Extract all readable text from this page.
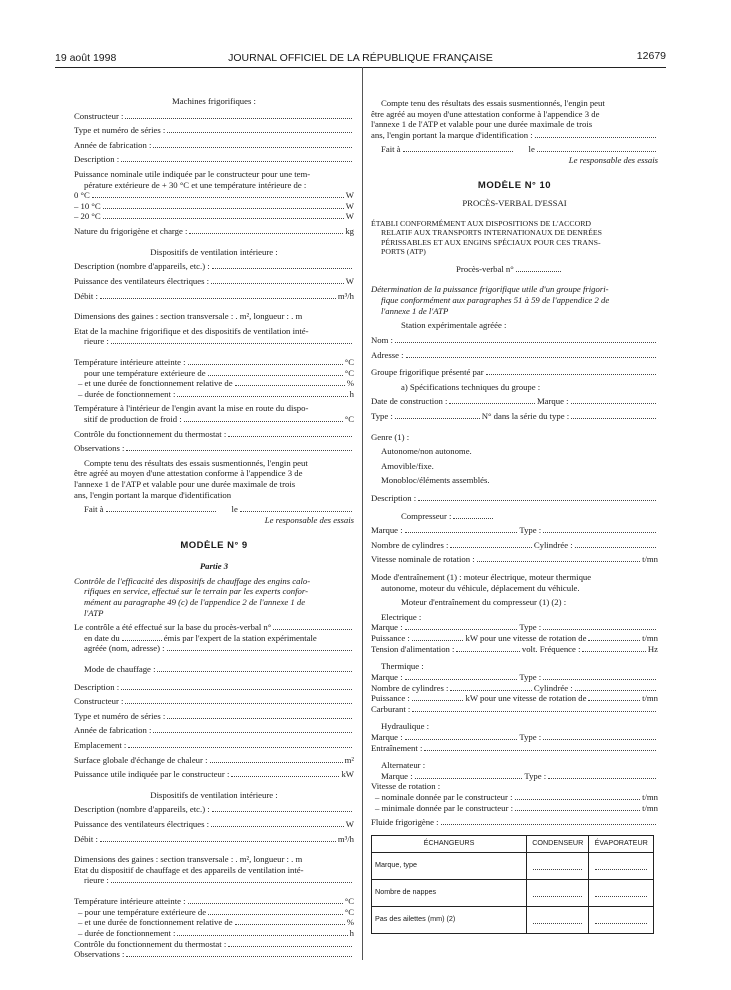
19 août 1998	JOURNAL OFFICIEL DE LA RÉPUBLIQUE FRANÇAISE	12679
Machines frigorifiques :
Constructeur :
Type et numéro de séries :
Année de fabrication :
Description :
Puissance nominale utile indiquée par le constructeur pour une tem-
pérature extérieure de + 30 °C et une température intérieure de :
0 °C	W
– 10 °C	W
– 20 °C	W
Nature du frigorigène et charge :	kg
Dispositifs de ventilation intérieure :
Description (nombre d'appareils, etc.) :
Puissance des ventilateurs électriques :	W
Débit :	m³/h
Dimensions des gaines : section transversale : . m², longueur : . m
Etat de la machine frigorifique et des dispositifs de ventilation inté-
rieure :
Température intérieure atteinte :	°C
pour une température extérieure de	°C
– et une durée de fonctionnement relative de	%
– durée de fonctionnement :	h
Température à l'intérieur de l'engin avant la mise en route du dispo-
sitif de production de froid :	°C
Contrôle du fonctionnement du thermostat :
Observations :
Compte tenu des résultats des essais susmentionnés, l'engin peut
être agréé au moyen d'une attestation conforme à l'appendice 3 de
l'annexe 1 de l'ATP et valable pour une durée maximale de trois
ans, l'engin portant la marque d'identification
Fait à	le
Le responsable des essais
MODÈLE N° 9
Partie 3
Contrôle de l'efficacité des dispositifs de chauffage des engins calo-
rifiques en service, effectué sur le terrain par les experts confor-
mément au paragraphe 49 (c) de l'appendice 2 de l'annexe 1 de
l'ATP
Le contrôle a été effectué sur la base du procès-verbal n°
en date du	émis par l'expert de la station expérimentale
agréée (nom, adresse) :
Mode de chauffage :
Description :
Constructeur :
Type et numéro de séries :
Année de fabrication :
Emplacement :
Surface globale d'échange de chaleur :	m²
Puissance utile indiquée par le constructeur :	kW
Dispositifs de ventilation intérieure :
Description (nombre d'appareils, etc.) :
Puissance des ventilateurs électriques :	W
Débit :	m³/h
Dimensions des gaines : section transversale : . m², longueur : . m
Etat du dispositif de chauffage et des appareils de ventilation inté-
rieure :
Température intérieure atteinte :	°C
– pour une température extérieure de	°C
– et une durée de fonctionnement relative de	%
– durée de fonctionnement :	h
Contrôle du fonctionnement du thermostat :
Observations :
Compte tenu des résultats des essais susmentionnés, l'engin peut
être agréé au moyen d'une attestation conforme à l'appendice 3 de
l'annexe 1 de l'ATP et valable pour une durée maximale de trois
ans, l'engin portant la marque d'identification :
Fait à	le
Le responsable des essais
MODÈLE N° 10
PROCÈS-VERBAL D'ESSAI
ÉTABLI CONFORMÉMENT AUX DISPOSITIONS DE L'ACCORD
RELATIF AUX TRANSPORTS INTERNATIONAUX DE DENRÉES
PÉRISSABLES ET AUX ENGINS SPÉCIAUX POUR CES TRANS-
PORTS (ATP)
Procès-verbal n°
Détermination de la puissance frigorifique utile d'un groupe frigori-
fique conformément aux paragraphes 51 à 59 de l'appendice 2 de
l'annexe 1 de l'ATP
Station expérimentale agréée :
Nom :
Adresse :
Groupe frigorifique présenté par
a) Spécifications techniques du groupe :
Date de construction :	Marque :
Type :	N° dans la série du type :
Genre (1) :
Autonome/non autonome.
Amovible/fixe.
Monobloc/éléments assemblés.
Description :
Compresseur :
Marque :	Type :
Nombre de cylindres :	Cylindrée :
Vitesse nominale de rotation :	t/mn
Mode d'entraînement (1) : moteur électrique, moteur thermique
autonome, moteur du véhicule, déplacement du véhicule.
Moteur d'entraînement du compresseur (1) (2) :
Electrique :
Marque :	Type :
Puissance :	kW pour une vitesse de rotation de	t/mn
Tension d'alimentation :	volt. Fréquence :	Hz
Thermique :
Marque :	Type :
Nombre de cylindres :	Cylindrée :
Puissance :	kW pour une vitesse de rotation de	t/mn
Carburant :
Hydraulique :
Marque :	Type :
Entraînement :
Alternateur :
Marque :	Type :
Vitesse de rotation :
– nominale donnée par le constructeur :	t/mn
– minimale donnée par le constructeur :	t/mn
Fluide frigorigène :
ÉCHANGEURS	CONDENSEUR	ÉVAPORATEUR
Marque, type	

Nombre de nappes	

Pas des ailettes (mm) (2)	
